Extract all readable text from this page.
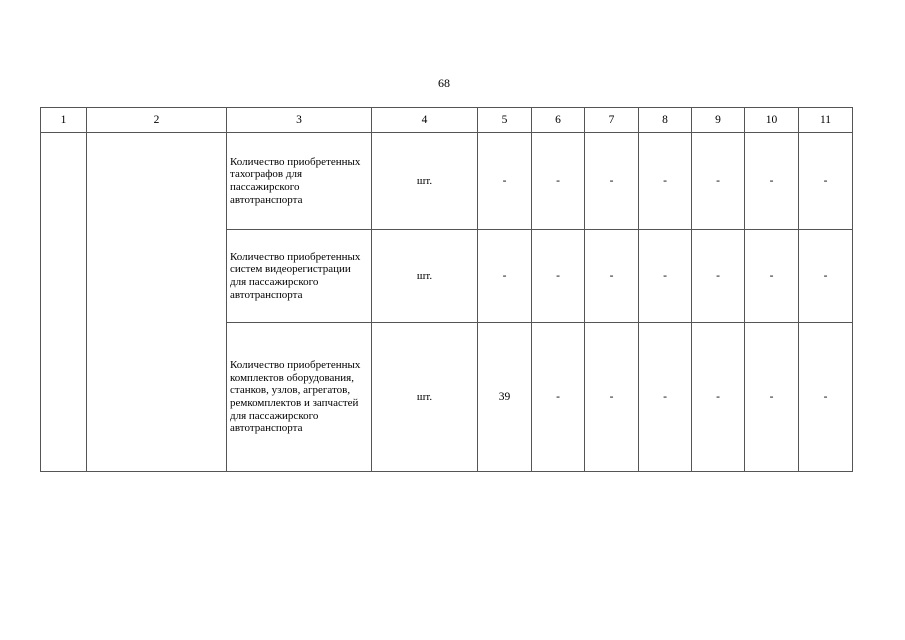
68
1	2	3	4	5	6	7	8	9	10	11
		Количество приобретенных тахографов для пассажирского автотранспорта	шт.	-	-	-	-	-	-	-
		Количество приобретенных систем видеорегистрации для пассажирского автотранспорта	шт.	-	-	-	-	-	-	-
		Количество приобретенных комплектов оборудования, станков, узлов, агрегатов, ремкомплектов и запчастей для пассажирского автотранспорта	шт.	39	-	-	-	-	-	-
